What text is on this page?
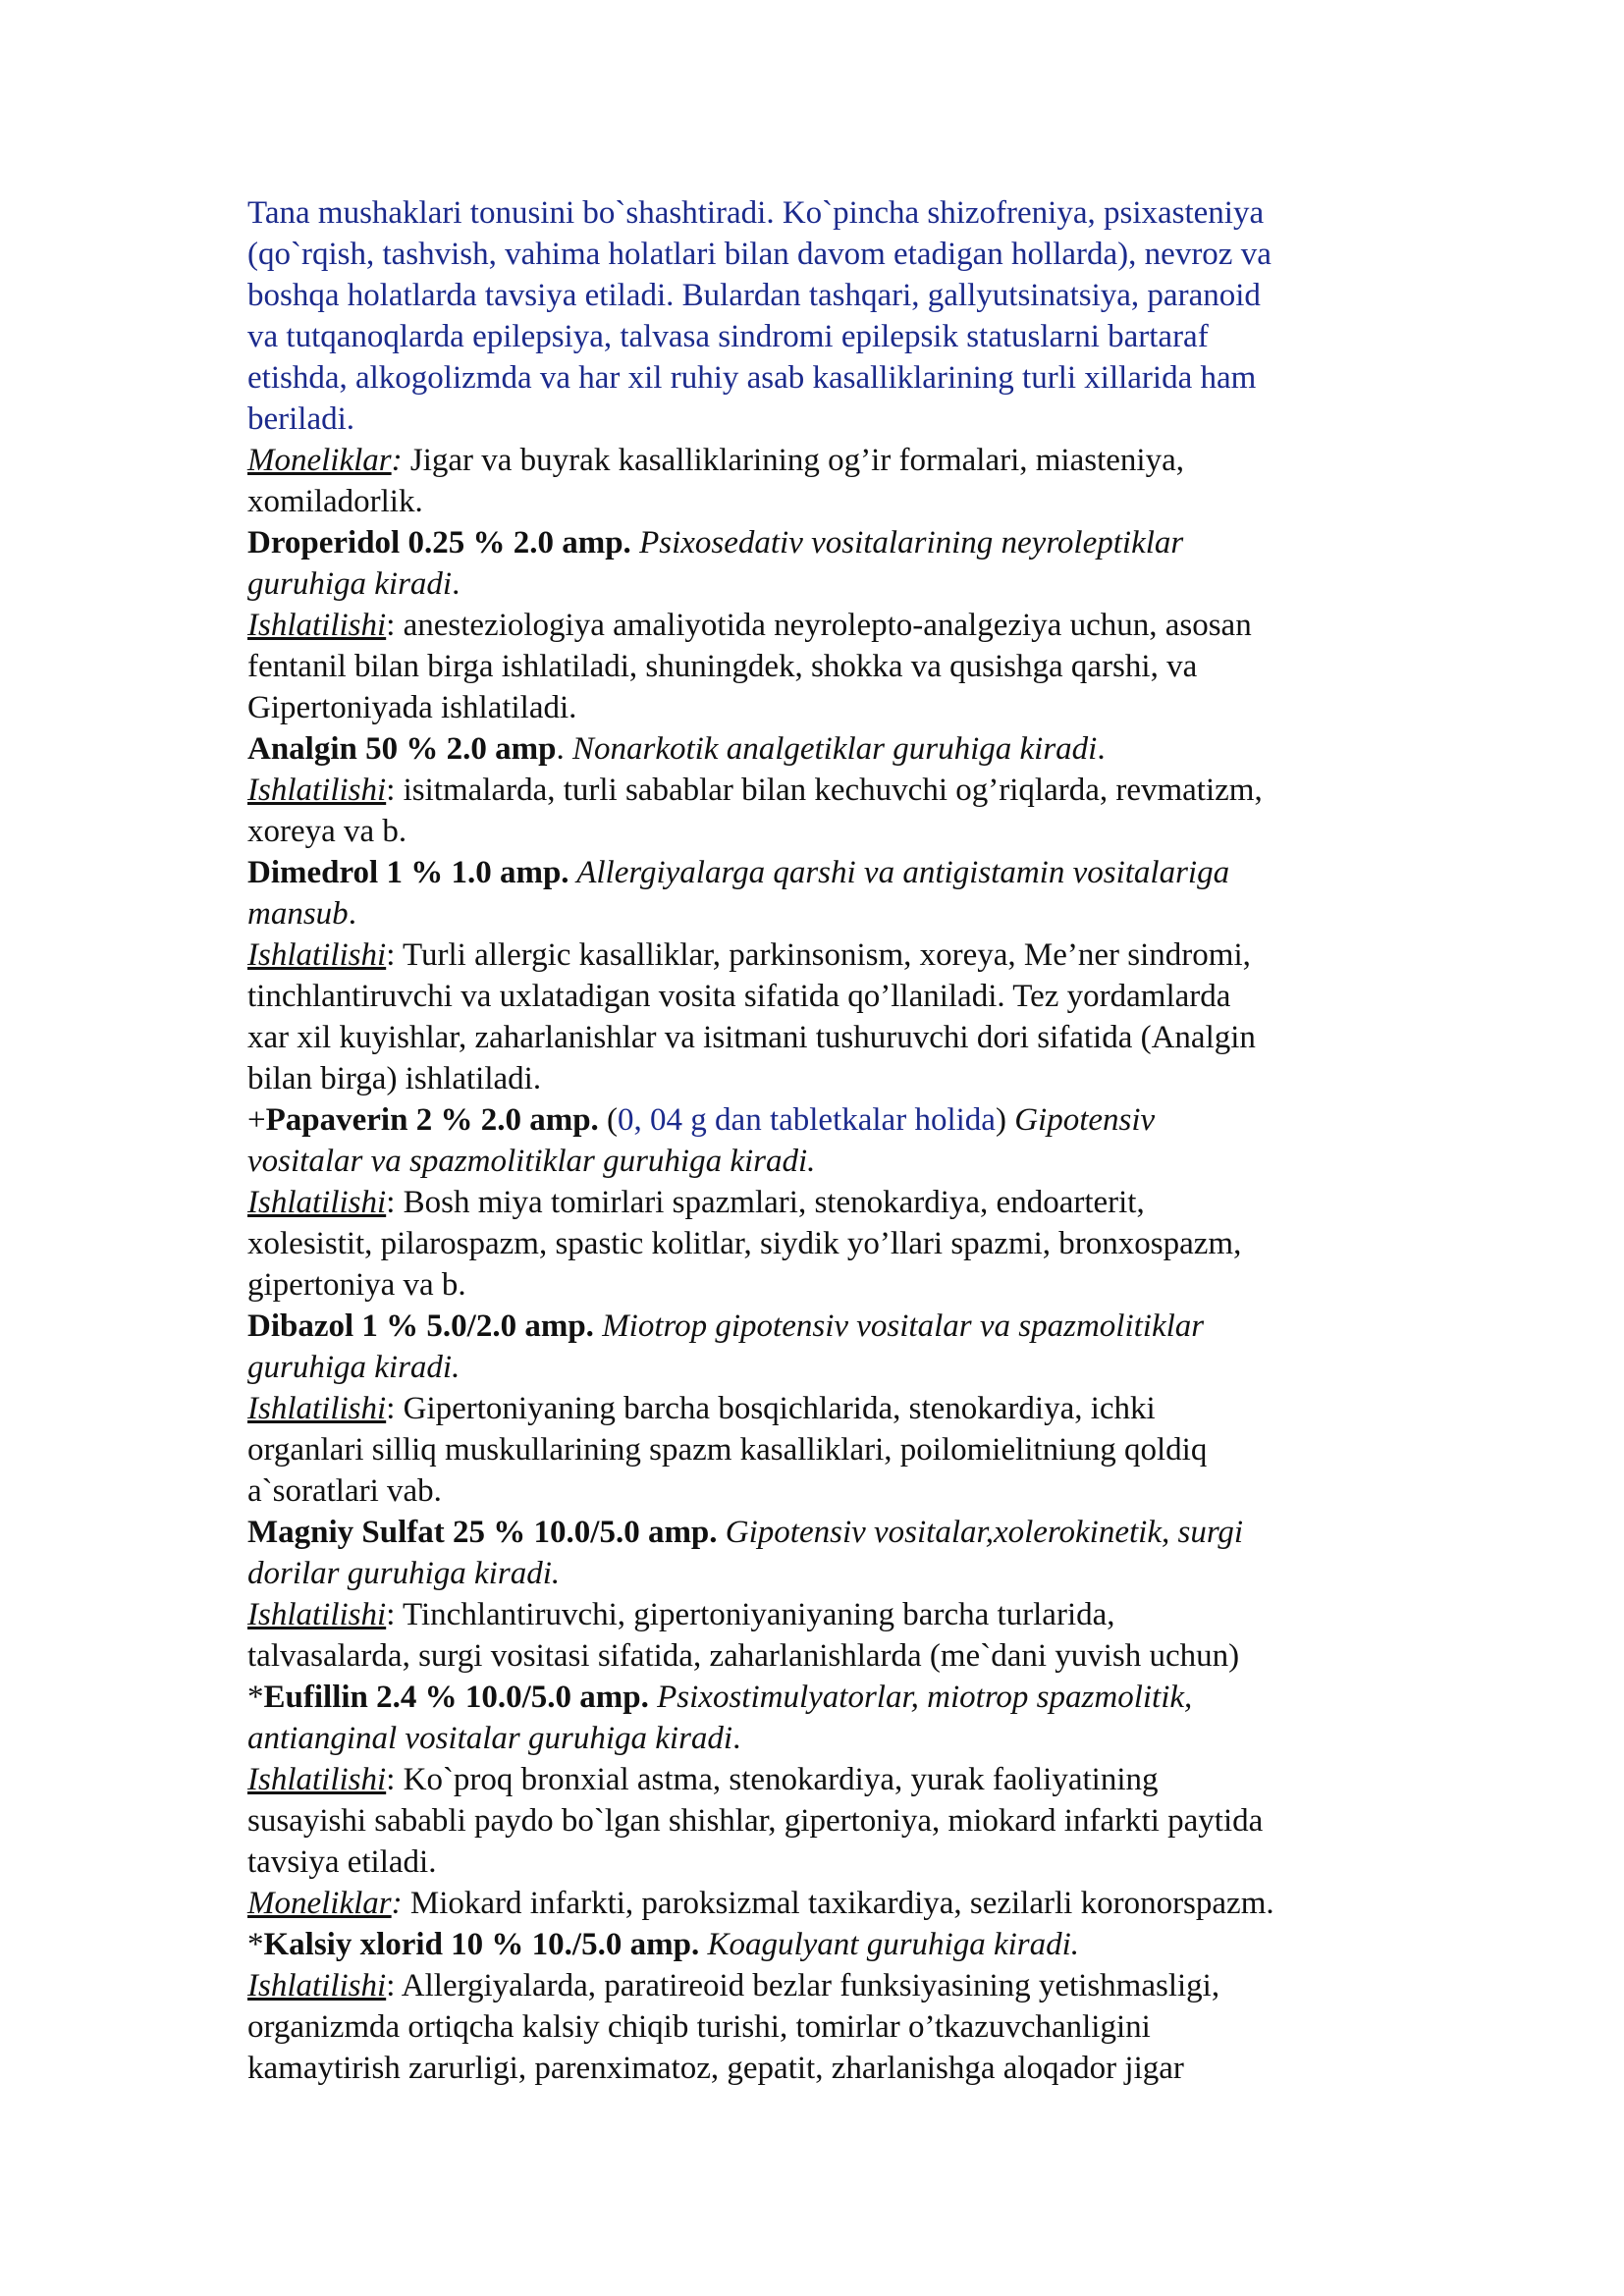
Tana mushaklari tonusini bo`shashtiradi. Ko`pincha shizofreniya, psixasteniya
(qo`rqish, tashvish, vahima holatlari bilan davom etadigan hollarda), nevroz va
boshqa holatlarda tavsiya etiladi. Bulardan tashqari, gallyutsinatsiya, paranoid
va tutqanoqlarda epilepsiya, talvasa sindromi epilepsik statuslarni bartaraf
etishda, alkogolizmda va har xil ruhiy asab kasalliklarining turli xillarida ham
beriladi.
Moneliklar: Jigar va buyrak kasalliklarining og’ir formalari, miasteniya,
xomiladorlik.
Droperidol 0.25 % 2.0 amp. Psixosedativ vositalarining neyroleptiklar
guruhiga kiradi.
Ishlatilishi: anesteziologiya amaliyotida neyrolepto-analgeziya uchun, asosan
fentanil bilan birga ishlatiladi, shuningdek, shokka va qusishga qarshi, va
Gipertoniyada ishlatiladi.
Analgin 50 % 2.0 amp. Nonarkotik analgetiklar guruhiga kiradi.
Ishlatilishi: isitmalarda, turli sabablar bilan kechuvchi og’riqlarda, revmatizm,
xoreya va b.
Dimedrol 1 % 1.0 amp. Allergiyalarga qarshi va antigistamin vositalariga
mansub.
Ishlatilishi: Turli allergic kasalliklar, parkinsonism, xoreya, Me’ner sindromi,
tinchlantiruvchi va uxlatadigan vosita sifatida qo’llaniladi. Tez yordamlarda
xar xil kuyishlar, zaharlanishlar va isitmani tushuruvchi dori sifatida (Analgin
bilan birga) ishlatiladi.
+Papaverin 2 % 2.0 amp. (0, 04 g dan tabletkalar holida) Gipotensiv
vositalar va spazmolitiklar guruhiga kiradi.
Ishlatilishi: Bosh miya tomirlari spazmlari, stenokardiya, endoarterit,
xolesistit, pilarospazm, spastic kolitlar, siydik yo’llari spazmi, bronxospazm,
gipertoniya va b.
Dibazol 1 % 5.0/2.0 amp. Miotrop gipotensiv vositalar va spazmolitiklar
guruhiga kiradi.
Ishlatilishi: Gipertoniyaning barcha bosqichlarida, stenokardiya, ichki
organlari silliq muskullarining spazm kasalliklari, poilomielitniung qoldiq
a`soratlari vab.
Magniy Sulfat 25 % 10.0/5.0 amp. Gipotensiv vositalar,xolerokinetik, surgi
dorilar guruhiga kiradi.
Ishlatilishi: Tinchlantiruvchi, gipertoniyaniyaning barcha turlarida,
talvasalarda, surgi vositasi sifatida, zaharlanishlarda (me`dani yuvish uchun)
*Eufillin 2.4 % 10.0/5.0 amp. Psixostimulyatorlar, miotrop spazmolitik,
antianginal vositalar guruhiga kiradi.
Ishlatilishi: Ko`proq bronxial astma, stenokardiya, yurak faoliyatining
susayishi sababli paydo bo`lgan shishlar, gipertoniya, miokard infarkti paytida
tavsiya etiladi.
Moneliklar: Miokard infarkti, paroksizmal taxikardiya, sezilarli koronorspazm.
*Kalsiy xlorid 10 % 10./5.0 amp. Koagulyant guruhiga kiradi.
Ishlatilishi: Allergiyalarda, paratireoid bezlar funksiyasining yetishmasligi,
organizmda ortiqcha kalsiy chiqib turishi, tomirlar o’tkazuvchanligini
kamaytirish zarurligi, parenximatoz, gepatit, zharlanishga aloqador jigar
